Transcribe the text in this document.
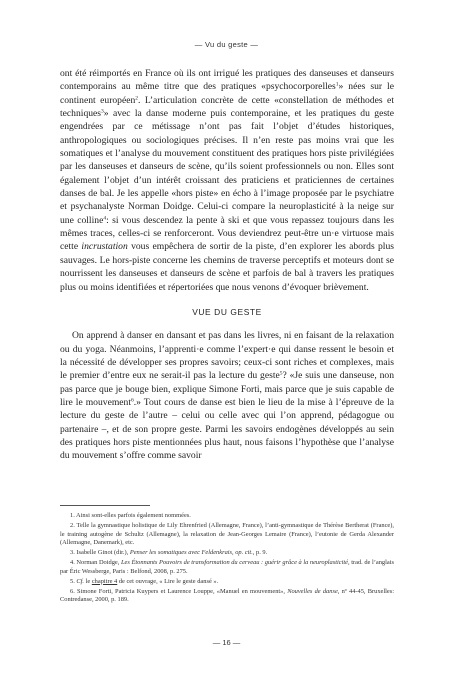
— Vu du geste —

ont été réimportés en France où ils ont irrigué les pratiques des danseuses et danseurs contemporains au même titre que des pratiques «psychocorporelles$^1$» nées sur le continent européen$^2$. L’articulation concrète de cette «constellation de méthodes et techniques$^3$» avec la danse moderne puis contemporaine, et les pratiques du geste engendrées par ce métissage n’ont pas fait l’objet d’études historiques, anthropologiques ou sociologiques précises. Il n’en reste pas moins vrai que les somatiques et l’analyse du mouvement constituent des pratiques hors piste privilégiées par les danseuses et danseurs de scène, qu’ils soient professionnels ou non. Elles sont également l’objet d’un intérêt croissant des praticiens et praticiennes de certaines danses de bal. Je les appelle «hors piste» en écho à l’image proposée par le psychiatre et psychanalyste Norman Doidge. Celui-ci compare la neuroplasticité à la neige sur une colline$^4$: si vous descendez la pente à ski et que vous repassez toujours dans les mêmes traces, celles-ci se renforceront. Vous deviendrez peut-être un·e virtuose mais cette incrustation vous empêchera de sortir de la piste, d’en explorer les abords plus sauvages. Le hors-piste concerne les chemins de traverse perceptifs et moteurs dont se nourrissent les danseuses et danseurs de scène et parfois de bal à travers les pratiques plus ou moins identifiées et répertoriées que nous venons d’évoquer brièvement.

VUE DU GESTE

On apprend à danser en dansant et pas dans les livres, ni en faisant de la relaxation ou du yoga. Néanmoins, l’apprenti·e comme l’expert·e qui danse ressent le besoin et la nécessité de développer ses propres savoirs; ceux-ci sont riches et complexes, mais le premier d’entre eux ne serait-il pas la lecture du geste$^5$? «Je suis une danseuse, non pas parce que je bouge bien, explique Simone Forti, mais parce que je suis capable de lire le mouvement$^6$.» Tout cours de danse est bien le lieu de la mise à l’épreuve de la lecture du geste de l’autre – celui ou celle avec qui l’on apprend, pédagogue ou partenaire –, et de son propre geste. Parmi les savoirs endogènes développés au sein des pratiques hors piste mentionnées plus haut, nous faisons l’hypothèse que l’analyse du mouvement s’offre comme savoir

1. Ainsi sont-elles parfois également nommées.

2. Telle la gymnastique holistique de Lily Ehrenfried (Allemagne, France), l’anti-gymnastique de Thérèse Bertherat (France), le training autogène de Schultz (Allemagne), la relaxation de Jean-Georges Lemaire (France), l’eutonie de Gerda Alexander (Allemagne, Danemark), etc.

3. Isabelle Ginot (dir.), Penser les somatiques avec Feldenkrais, op. cit., p. 9.

4. Norman Doidge, Les Étonnants Pouvoirs de transformation du cerveau : guérir grâce à la neuroplasticité, trad. de l’anglais par Éric Wessberge, Paris : Belfond, 2008, p. 275.

5. Cf. le chapitre 4 de cet ouvrage, « Lire le geste dansé ».

6. Simone Forti, Patricia Kuypers et Laurence Louppe, «Manuel en mouvement», Nouvelles de danse, nº 44-45, Bruxelles: Contredanse, 2000, p. 189.

— 16 —
